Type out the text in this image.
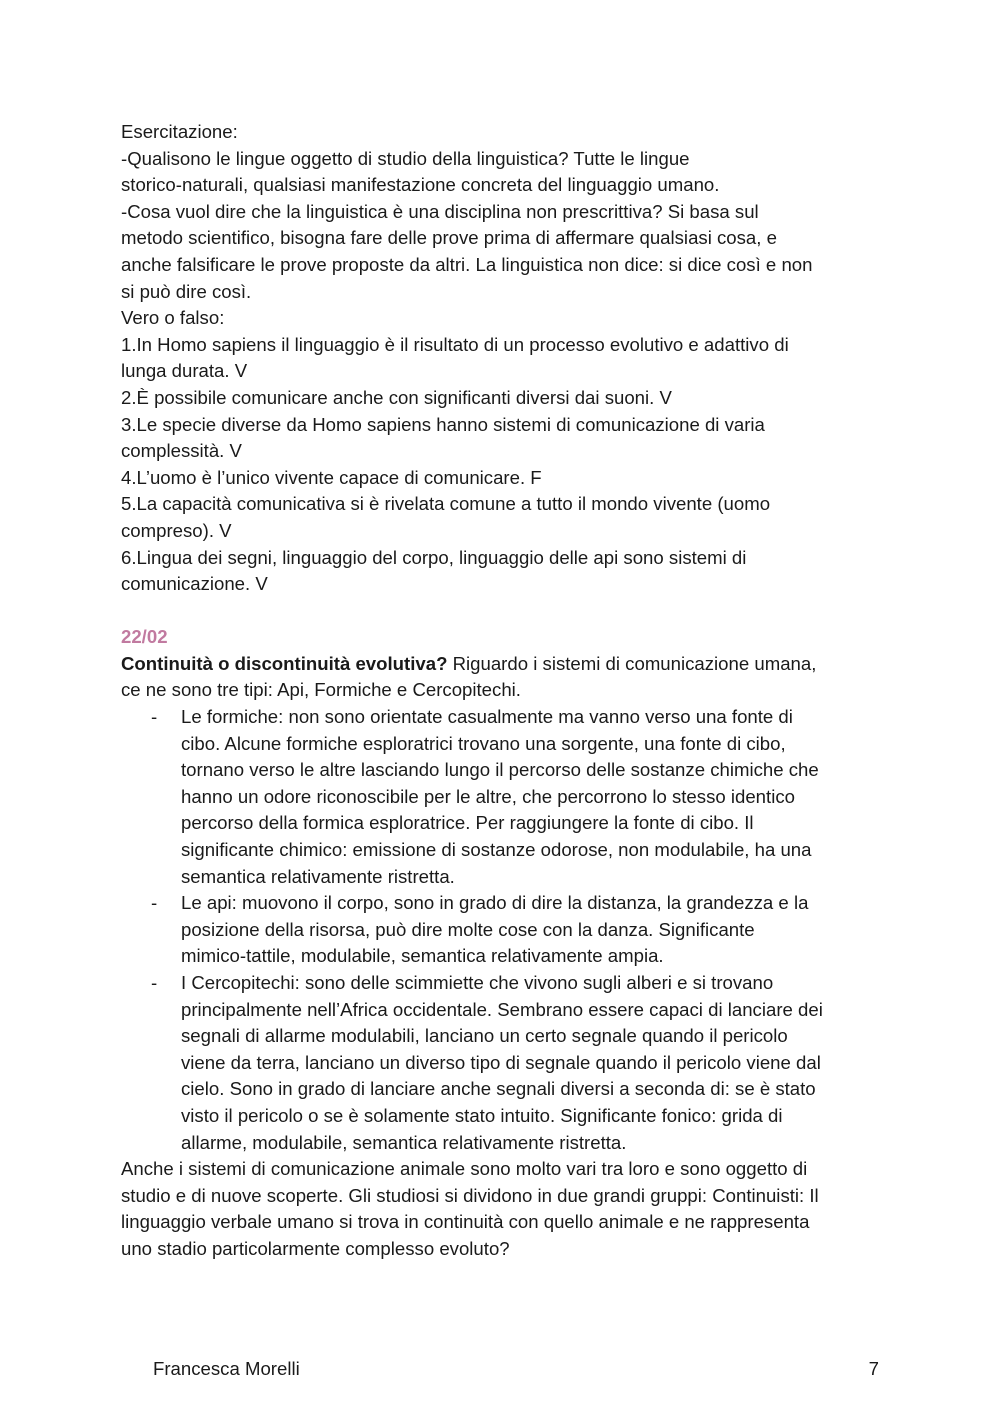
Esercitazione:
-Qualisono le lingue oggetto di studio della linguistica? Tutte le lingue
storico-naturali, qualsiasi manifestazione concreta del linguaggio umano.
-Cosa vuol dire che la linguistica è una disciplina non prescrittiva? Si basa sul
metodo scientifico, bisogna fare delle prove prima di affermare qualsiasi cosa, e
anche falsificare le prove proposte da altri. La linguistica non dice: si dice così e non
si può dire così.
Vero o falso:
1.In Homo sapiens il linguaggio è il risultato di un processo evolutivo e adattivo di
lunga durata. V
2.È possibile comunicare anche con significanti diversi dai suoni. V
3.Le specie diverse da Homo sapiens hanno sistemi di comunicazione di varia
complessità. V
4.L’uomo è l’unico vivente capace di comunicare. F
5.La capacità comunicativa si è rivelata comune a tutto il mondo vivente (uomo
compreso). V
6.Lingua dei segni, linguaggio del corpo, linguaggio delle api sono sistemi di
comunicazione. V
22/02
Continuità o discontinuità evolutiva? Riguardo i sistemi di comunicazione umana,
ce ne sono tre tipi: Api, Formiche e Cercopitechi.
- Le formiche: non sono orientate casualmente ma vanno verso una fonte di
cibo. Alcune formiche esploratrici trovano una sorgente, una fonte di cibo,
tornano verso le altre lasciando lungo il percorso delle sostanze chimiche che
hanno un odore riconoscibile per le altre, che percorrono lo stesso identico
percorso della formica esploratrice. Per raggiungere la fonte di cibo. Il
significante chimico: emissione di sostanze odorose, non modulabile, ha una
semantica relativamente ristretta.
- Le api: muovono il corpo, sono in grado di dire la distanza, la grandezza e la
posizione della risorsa, può dire molte cose con la danza. Significante
mimico-tattile, modulabile, semantica relativamente ampia.
- I Cercopitechi: sono delle scimmiette che vivono sugli alberi e si trovano
principalmente nell’Africa occidentale. Sembrano essere capaci di lanciare dei
segnali di allarme modulabili, lanciano un certo segnale quando il pericolo
viene da terra, lanciano un diverso tipo di segnale quando il pericolo viene dal
cielo. Sono in grado di lanciare anche segnali diversi a seconda di: se è stato
visto il pericolo o se è solamente stato intuito. Significante fonico: grida di
allarme, modulabile, semantica relativamente ristretta.
Anche i sistemi di comunicazione animale sono molto vari tra loro e sono oggetto di
studio e di nuove scoperte. Gli studiosi si dividono in due grandi gruppi: Continuisti: Il
linguaggio verbale umano si trova in continuità con quello animale e ne rappresenta
uno stadio particolarmente complesso evoluto?
Francesca Morelli	7
